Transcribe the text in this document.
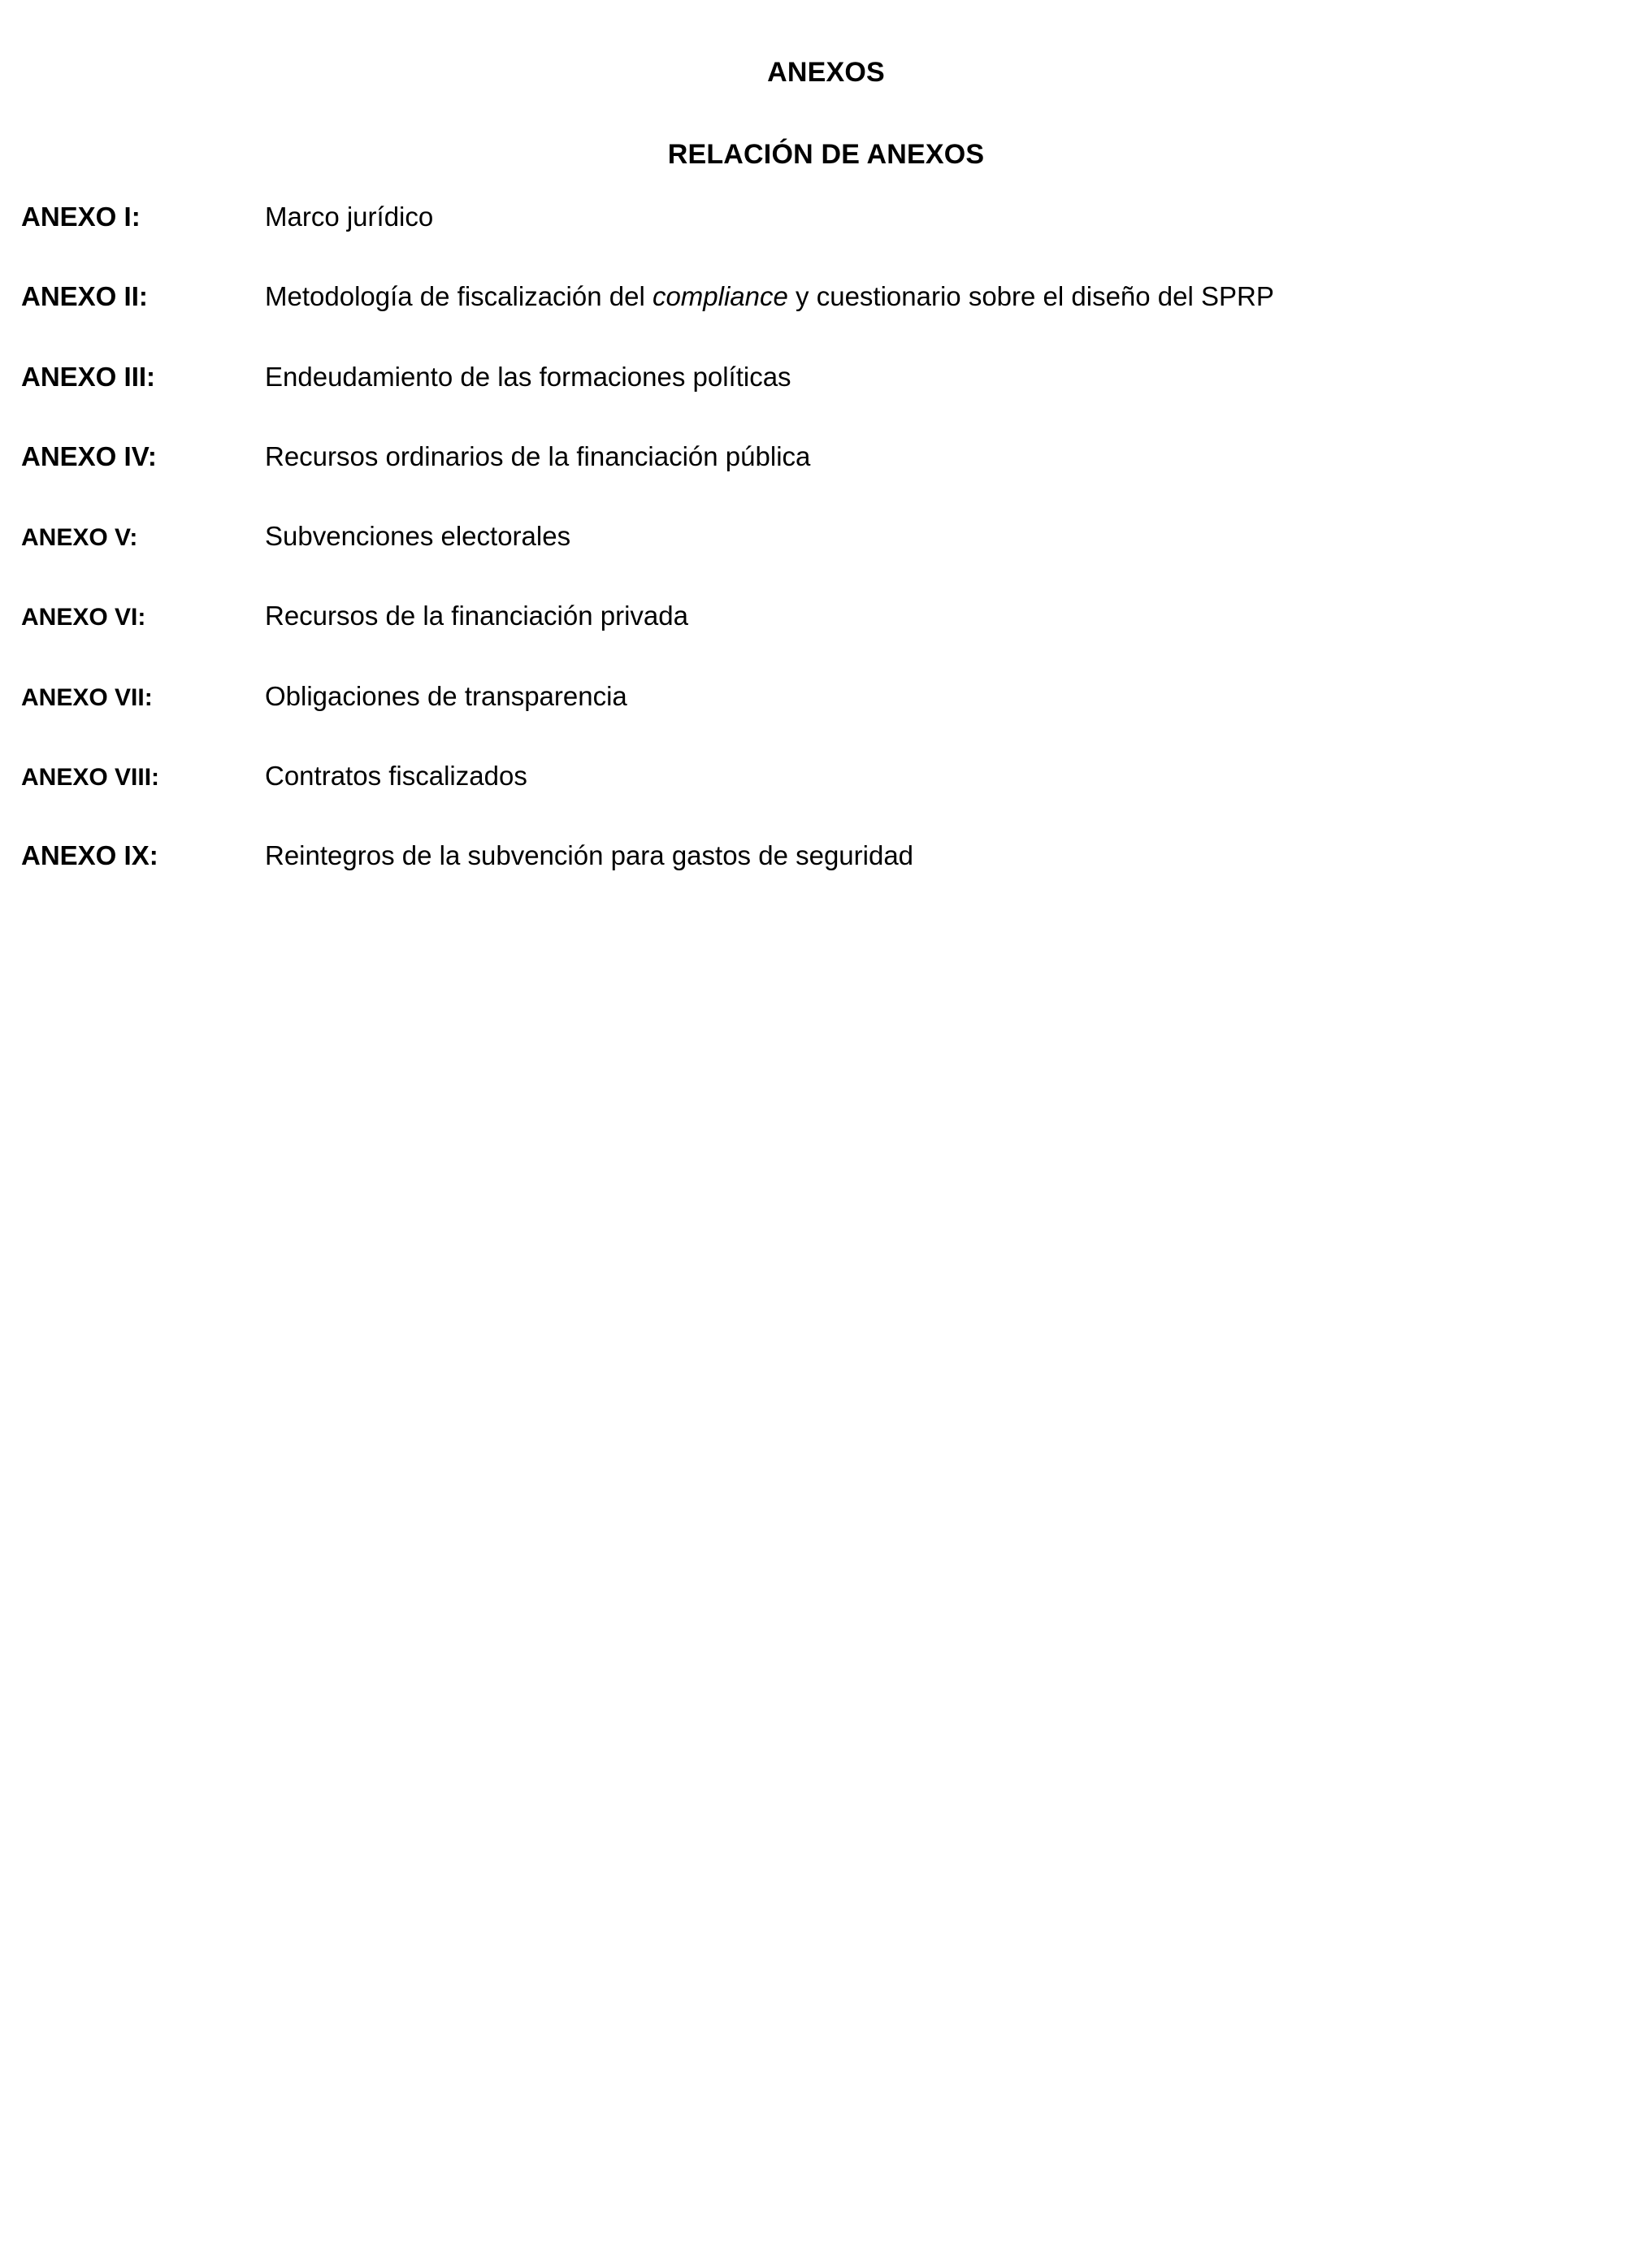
ANEXOS
RELACIÓN DE ANEXOS
ANEXO I:	Marco jurídico
ANEXO II:	Metodología de fiscalización del compliance y cuestionario sobre el diseño del SPRP
ANEXO III:	Endeudamiento de las formaciones políticas
ANEXO IV:	Recursos ordinarios de la financiación pública
ANEXO V:	Subvenciones electorales
ANEXO VI:	Recursos de la financiación privada
ANEXO VII:	Obligaciones de transparencia
ANEXO VIII:	Contratos fiscalizados
ANEXO IX:	Reintegros de la subvención para gastos de seguridad
